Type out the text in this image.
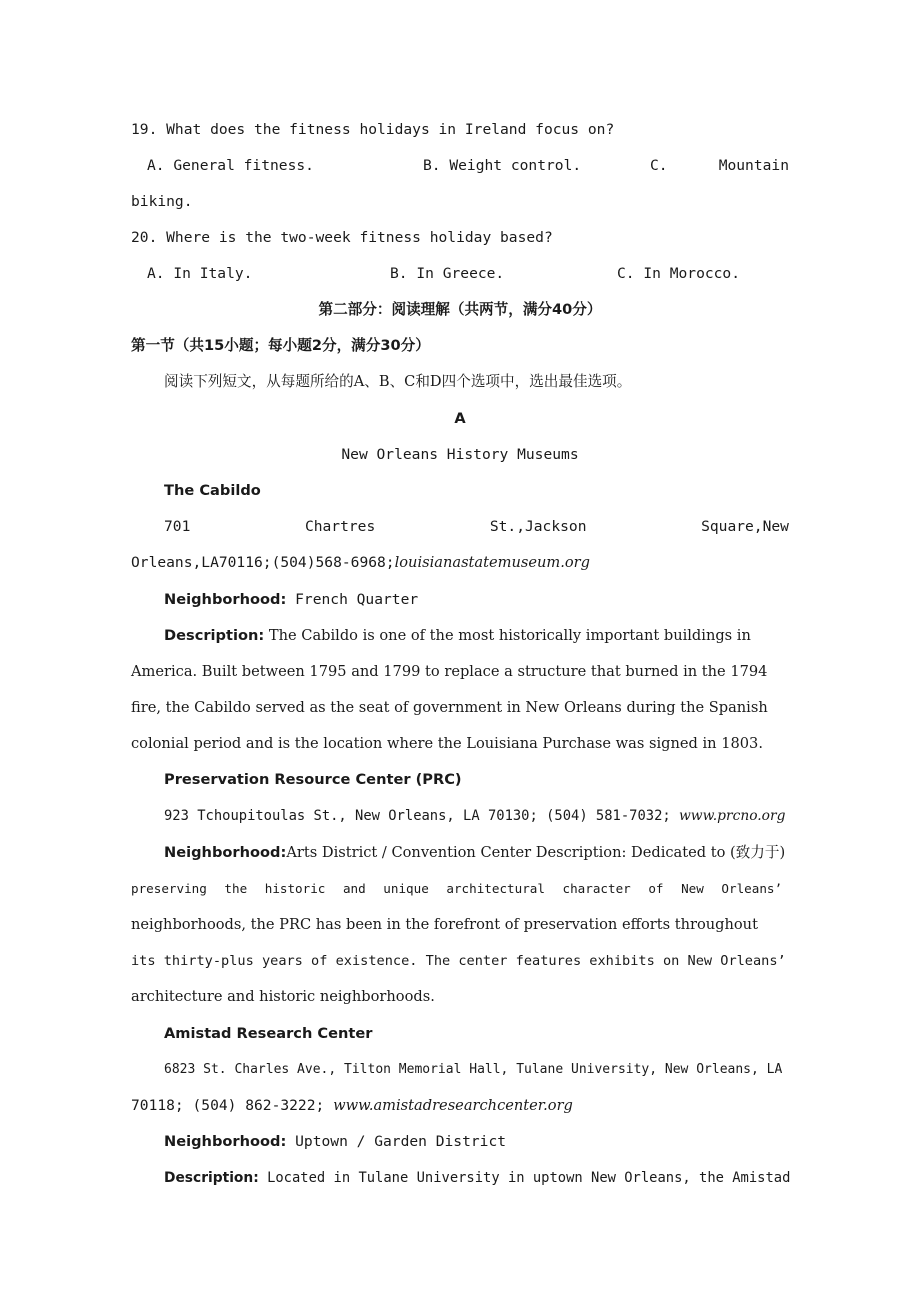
19. What does the fitness holidays in Ireland focus on?
A. General fitness.	B. Weight control.	C.	Mountain
biking.
20. Where is the two-week fitness holiday based?
A. In Italy.	B. In Greece.	C. In Morocco.
第二部分：阅读理解（共两节，满分40分）
第一节（共15小题；每小题2分，满分30分）
阅读下列短文，从每题所给的A、B、C和D四个选项中，选出最佳选项。
A
New Orleans History Museums
The Cabildo
701	Chartres	St.,Jackson	Square,New
Orleans,LA70116;(504)568-6968;louisianastatemuseum.org
Neighborhood: French Quarter
Description: The Cabildo is one of the most historically important buildings in
America. Built between 1795 and 1799 to replace a structure that burned in the 1794
fire, the Cabildo served as the seat of government in New Orleans during the Spanish
colonial period and is the location where the Louisiana Purchase was signed in 1803.
Preservation Resource Center (PRC)
923 Tchoupitoulas St., New Orleans, LA 70130; (504) 581-7032; www.prcno.org
Neighborhood:Arts District / Convention Center Description: Dedicated to (致力于)
preserving the historic and unique architectural character of New Orleans’
neighborhoods, the PRC has been in the forefront of preservation efforts throughout
its thirty-plus years of existence. The center features exhibits on New Orleans’
architecture and historic neighborhoods.
Amistad Research Center
6823 St. Charles Ave., Tilton Memorial Hall, Tulane University, New Orleans, LA
70118; (504) 862-3222; www.amistadresearchcenter.org
Neighborhood: Uptown / Garden District
Description: Located in Tulane University in uptown New Orleans, the Amistad
